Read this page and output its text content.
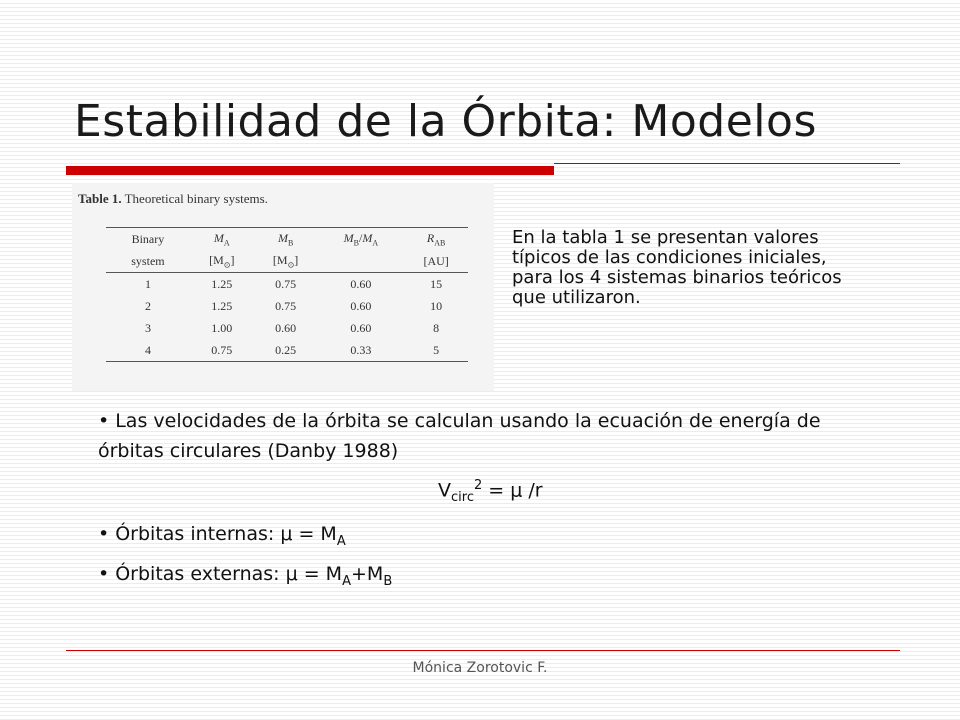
Estabilidad de la Órbita: Modelos
Table 1. Theoretical binary systems.
Binary	$M_A$	$M_B$	$M_B/M_A$	$R_{AB}$
system	$[M_⊙]$	$[M_⊙]$		[AU]
1	1.25	0.75	0.60	15
2	1.25	0.75	0.60	10
3	1.00	0.60	0.60	8
4	0.75	0.25	0.33	5
En la tabla 1 se presentan valores típicos de las condiciones iniciales, para los 4 sistemas binarios teóricos que utilizaron.
• Las velocidades de la órbita se calculan usando la ecuación de energía de órbitas circulares (Danby 1988)
$V_{circ}^2 = \mu$ /r
• Órbitas internas: $\mu = M_A$
• Órbitas externas: $\mu = M_A+M_B$
Mónica Zorotovic F.
